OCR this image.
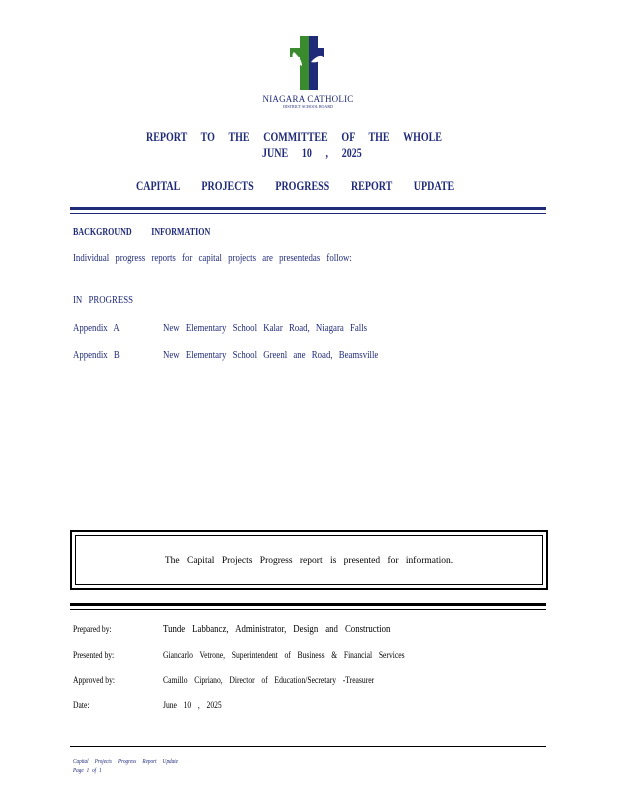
NIAGARA CATHOLIC
DISTRICT SCHOOL BOARD
REPORT TO THE COMMITTEE OF THE WHOLE
JUNE 10 , 2025
CAPITAL PROJECTS PROGRESS REPORT UPDATE
BACKGROUND INFORMATION
Individual progress reports for capital projects are presentedas follow:
IN PROGRESS
Appendix A	New Elementary School Kalar Road, Niagara Falls
Appendix B	New Elementary School Greenl ane Road, Beamsville
The Capital Projects Progress report is presented for information.
Prepared by:	Tunde Labbancz, Administrator, Design and Construction
Presented by:	Giancarlo Vetrone, Superintendent of Business & Financial Services
Approved by:	Camillo Cipriano, Director of Education/Secretary -Treasurer
Date:	June 10 , 2025
Capital Projects Progress Report Update
Page 1 of 1
